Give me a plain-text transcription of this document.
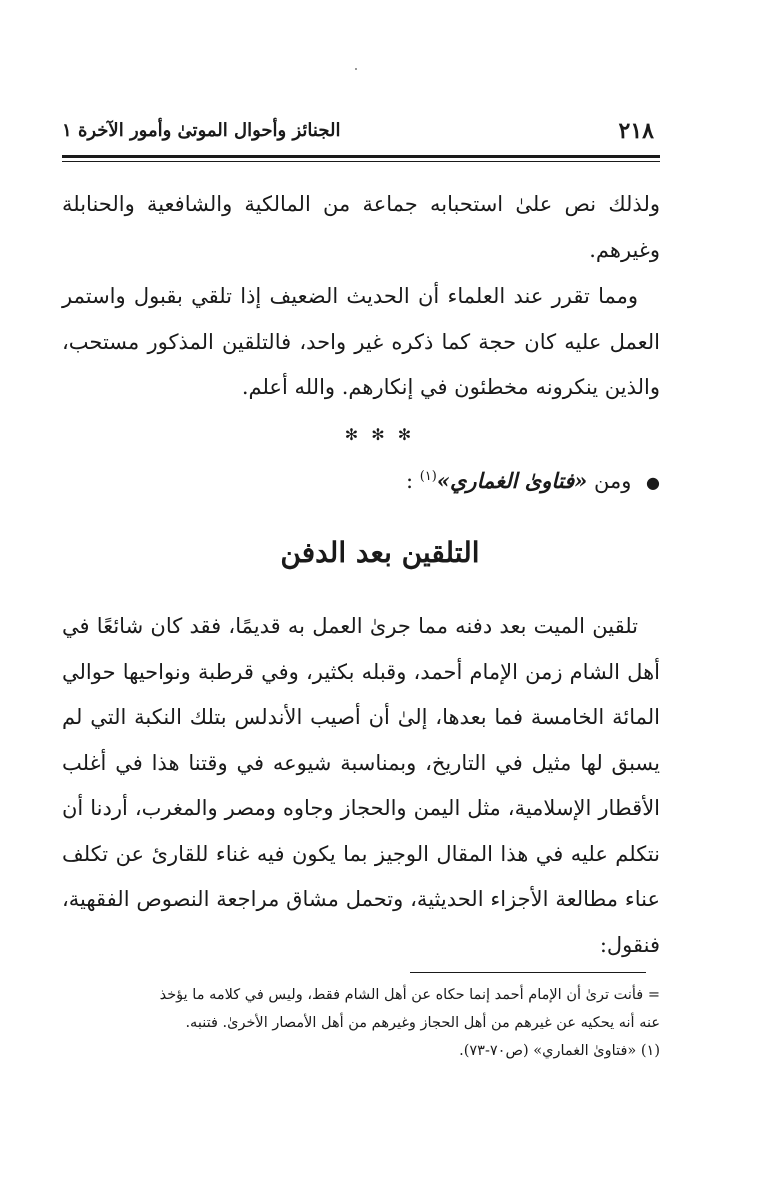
٢١٨
الجنائز وأحوال الموتىٰ وأمور الآخرة ١

ولذلك نص علىٰ استحبابه جماعة من المالكية والشافعية والحنابلة وغيرهم.

ومما تقرر عند العلماء أن الحديث الضعيف إذا تلقي بقبول واستمر العمل عليه كان حجة كما ذكره غير واحد، فالتلقين المذكور مستحب، والذين ينكرونه مخطئون في إنكارهم. والله أعلم.

✻ ✻ ✻
● ومن «فتاوىٰ الغماري»$^{(١)}$ :
التلقين بعد الدفن

تلقين الميت بعد دفنه مما جرىٰ العمل به قديمًا، فقد كان شائعًا في أهل الشام زمن الإمام أحمد، وقبله بكثير، وفي قرطبة ونواحيها حوالي المائة الخامسة فما بعدها، إلىٰ أن أصيب الأندلس بتلك النكبة التي لم يسبق لها مثيل في التاريخ، وبمناسبة شيوعه في وقتنا هذا في أغلب الأقطار الإسلامية، مثل اليمن والحجاز وجاوه ومصر والمغرب، أردنا أن نتكلم عليه في هذا المقال الوجيز بما يكون فيه غناء للقارئ عن تكلف عناء مطالعة الأجزاء الحديثية، وتحمل مشاق مراجعة النصوص الفقهية، فنقول:

= فأنت ترىٰ أن الإمام أحمد إنما حكاه عن أهل الشام فقط، وليس في كلامه ما يؤخذ

عنه أنه يحكيه عن غيرهم من أهل الحجاز وغيرهم من أهل الأمصار الأخرىٰ. فتنبه.

(١) «فتاوىٰ الغماري» (ص٧٠-٧٣).
